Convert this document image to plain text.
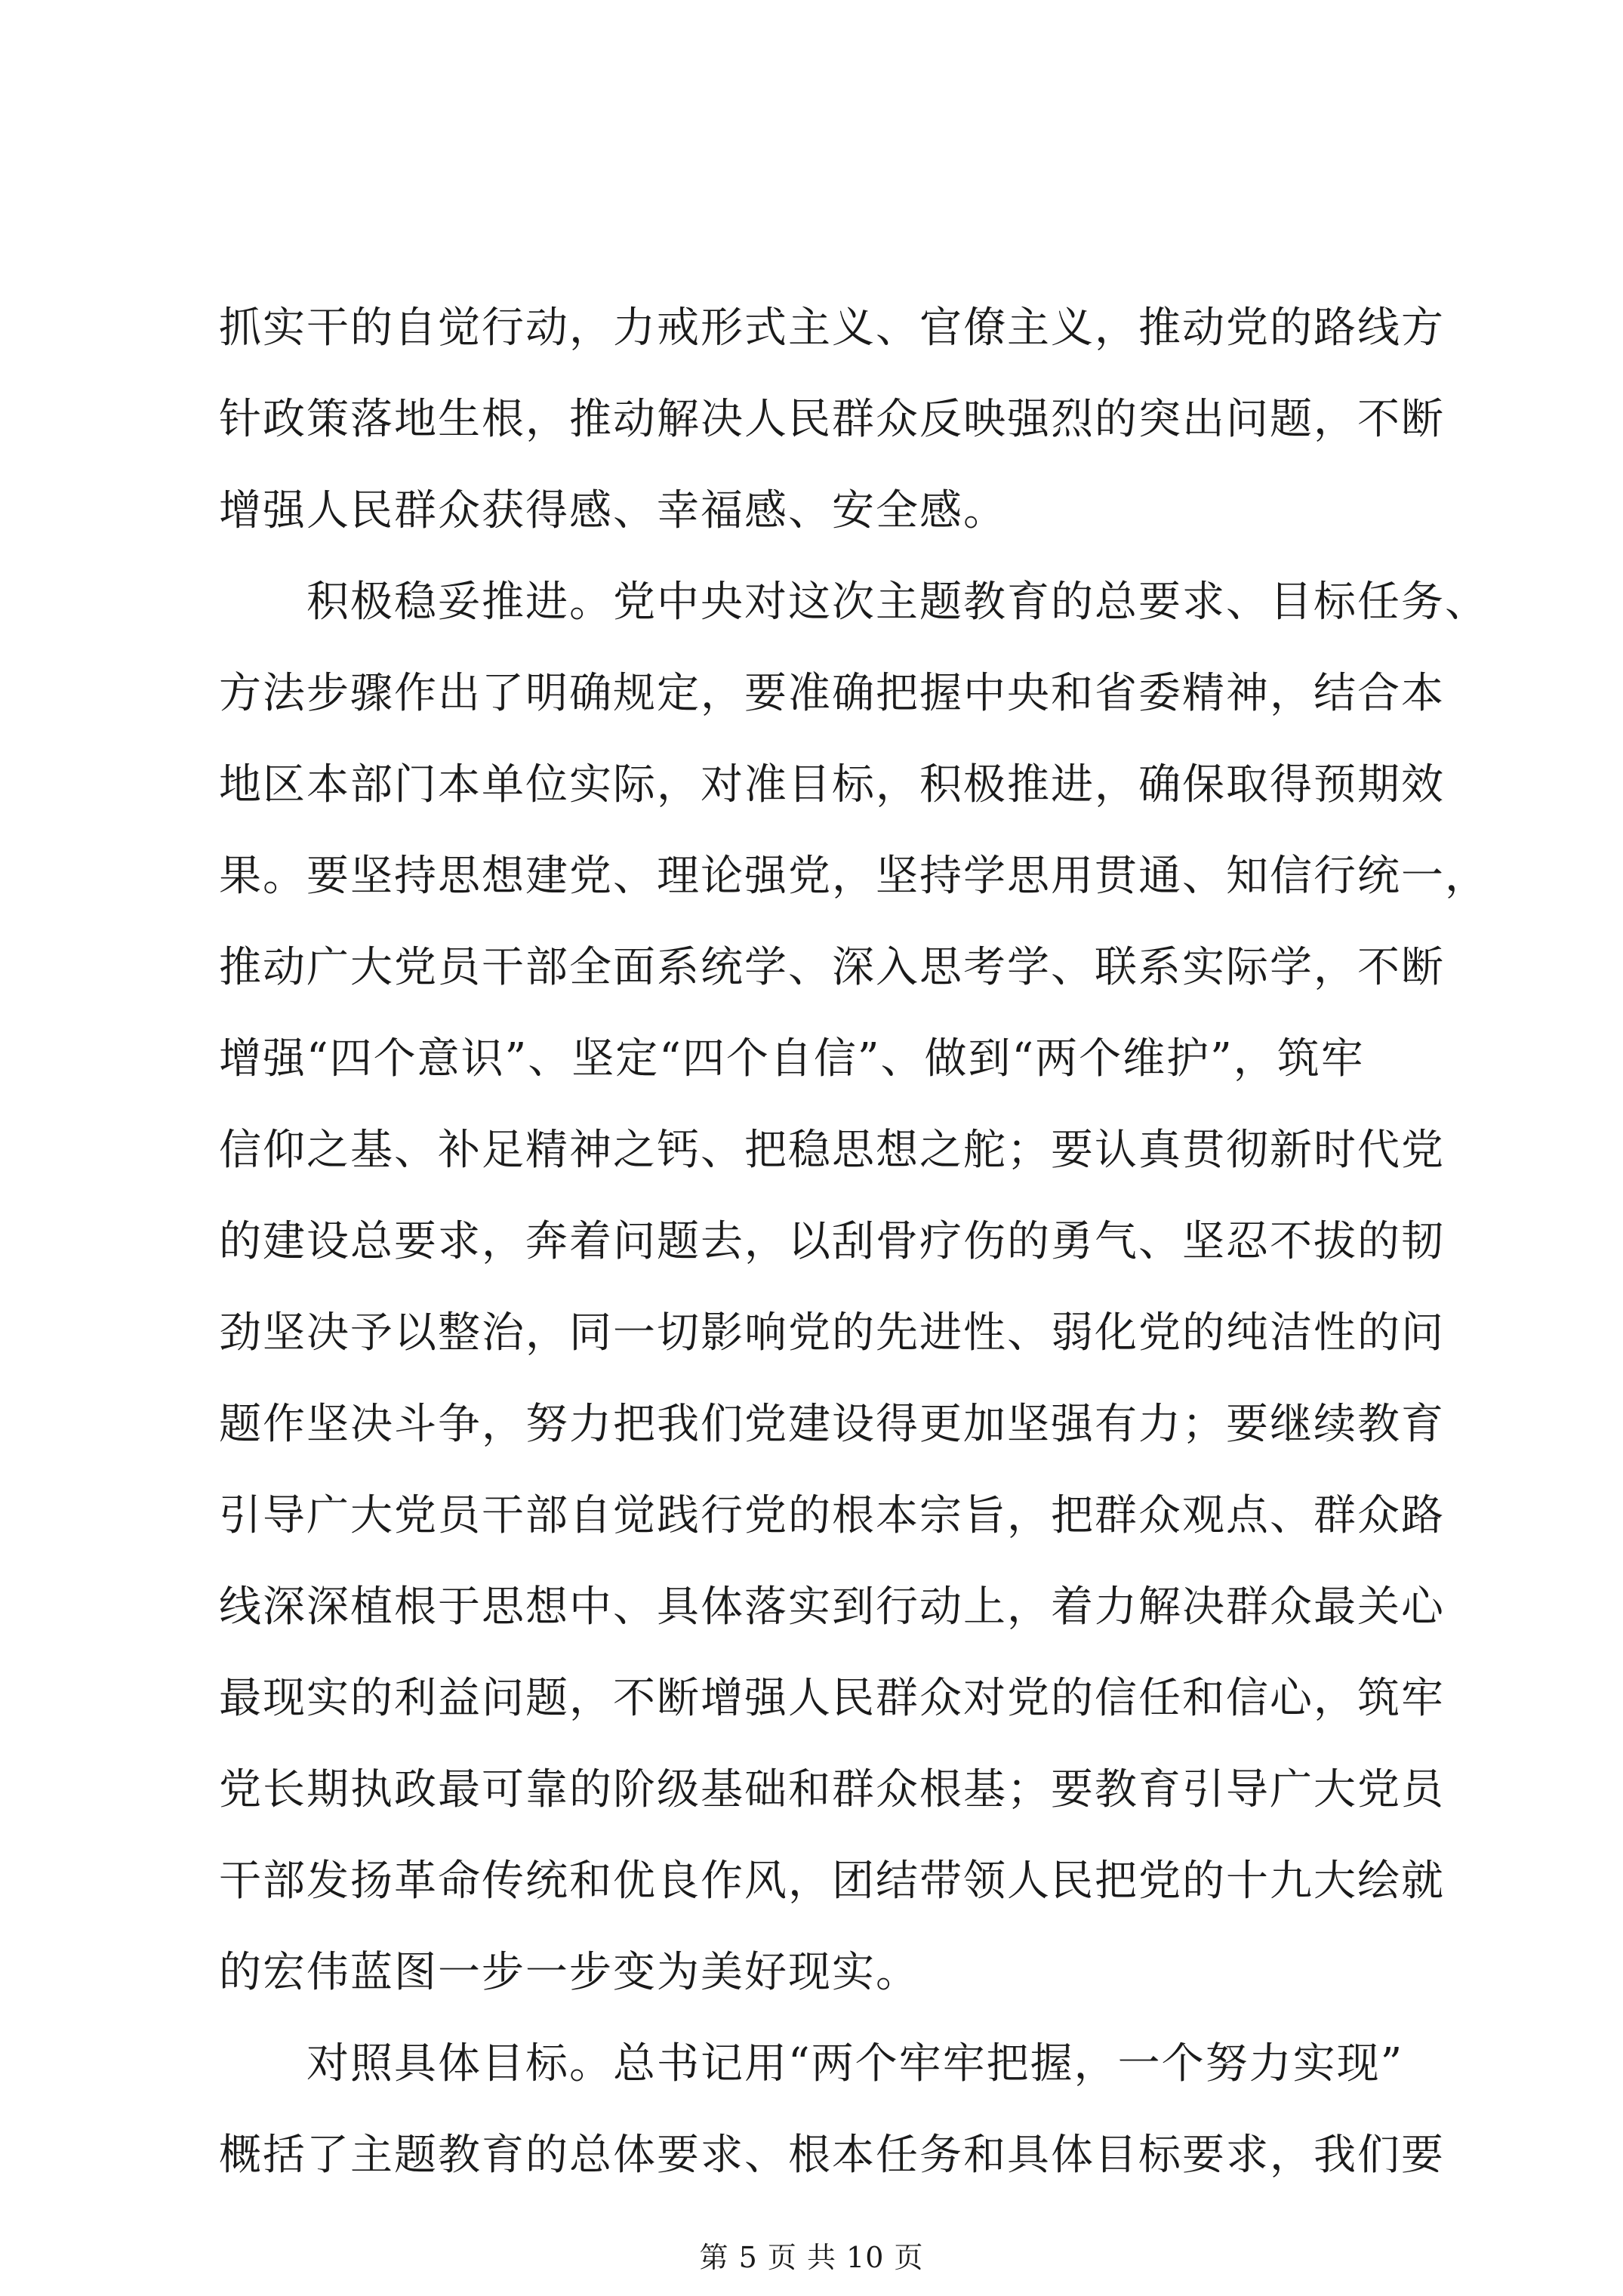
抓实干的自觉行动，力戒形式主义、官僚主义，推动党的路线方
针政策落地生根，推动解决人民群众反映强烈的突出问题，不断
增强人民群众获得感、幸福感、安全感。
　　积极稳妥推进。党中央对这次主题教育的总要求、目标任务、
方法步骤作出了明确规定，要准确把握中央和省委精神，结合本
地区本部门本单位实际，对准目标，积极推进，确保取得预期效
果。要坚持思想建党、理论强党，坚持学思用贯通、知信行统一，
推动广大党员干部全面系统学、深入思考学、联系实际学，不断
增强“四个意识”、坚定“四个自信”、做到“两个维护”，筑牢
信仰之基、补足精神之钙、把稳思想之舵；要认真贯彻新时代党
的建设总要求，奔着问题去，以刮骨疗伤的勇气、坚忍不拔的韧
劲坚决予以整治，同一切影响党的先进性、弱化党的纯洁性的问
题作坚决斗争，努力把我们党建设得更加坚强有力；要继续教育
引导广大党员干部自觉践行党的根本宗旨，把群众观点、群众路
线深深植根于思想中、具体落实到行动上，着力解决群众最关心
最现实的利益问题，不断增强人民群众对党的信任和信心，筑牢
党长期执政最可靠的阶级基础和群众根基；要教育引导广大党员
干部发扬革命传统和优良作风，团结带领人民把党的十九大绘就
的宏伟蓝图一步一步变为美好现实。
　　对照具体目标。总书记用“两个牢牢把握，一个努力实现”
概括了主题教育的总体要求、根本任务和具体目标要求，我们要
第 5 页 共 10 页
